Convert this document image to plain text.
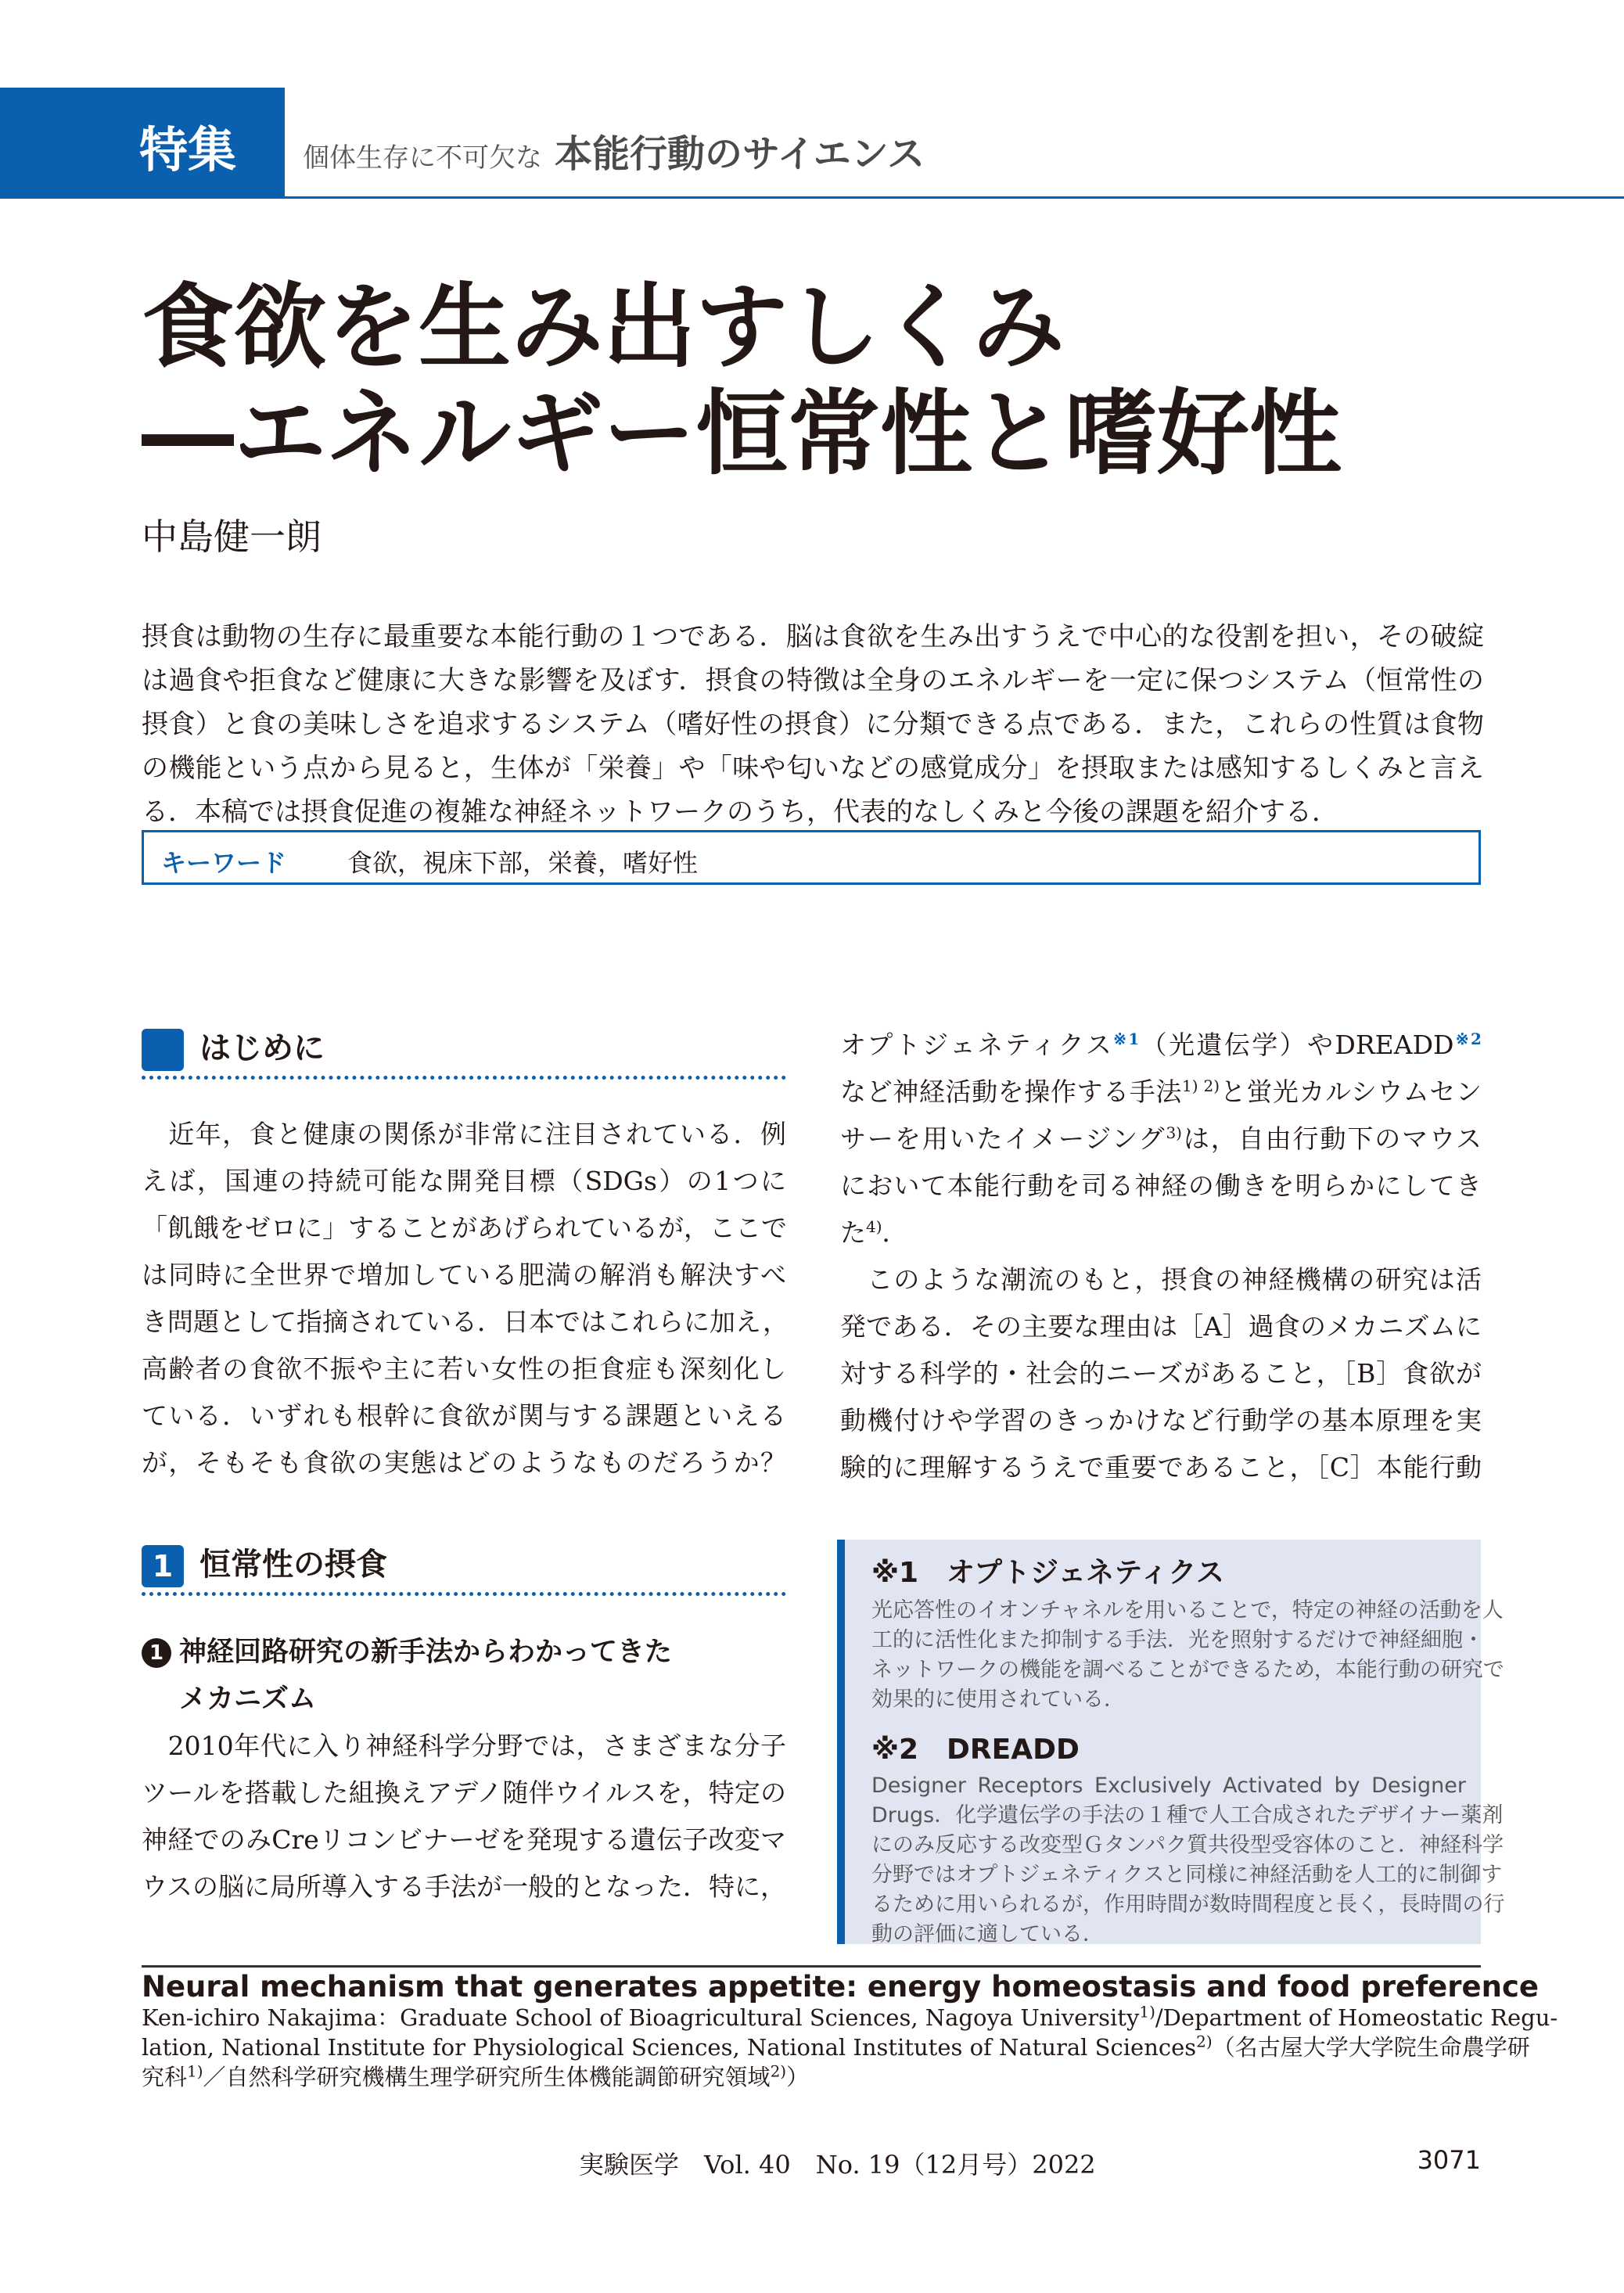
特集 個体生存に不可欠な 本能行動のサイエンス
食欲を生み出すしくみ
―エネルギー恒常性と嗜好性
中島健一朗
摂食は動物の生存に最重要な本能行動の１つである．脳は食欲を生み出すうえで中心的な役割を担い，その破綻
は過食や拒食など健康に大きな影響を及ぼす．摂食の特徴は全身のエネルギーを一定に保つシステム（恒常性の
摂食）と食の美味しさを追求するシステム（嗜好性の摂食）に分類できる点である．また，これらの性質は食物
の機能という点から見ると，生体が「栄養」や「味や匂いなどの感覚成分」を摂取または感知するしくみと言え
る．本稿では摂食促進の複雑な神経ネットワークのうち，代表的なしくみと今後の課題を紹介する．
キーワード 食欲，視床下部，栄養，嗜好性
はじめに
　近年，食と健康の関係が非常に注目されている．例
えば，国連の持続可能な開発目標（SDGs）の1つに
「飢餓をゼロに」することがあげられているが，ここで
は同時に全世界で増加している肥満の解消も解決すべ
き問題として指摘されている．日本ではこれらに加え，
高齢者の食欲不振や主に若い女性の拒食症も深刻化し
ている．いずれも根幹に食欲が関与する課題といえる
が，そもそも食欲の実態はどのようなものだろうか？
1 恒常性の摂食
1 神経回路研究の新手法からわかってきた
メカニズム
　2010年代に入り神経科学分野では，さまざまな分子
ツールを搭載した組換えアデノ随伴ウイルスを，特定の
神経でのみCreリコンビナーゼを発現する遺伝子改変マ
ウスの脳に局所導入する手法が一般的となった．特に，
オプトジェネティクス$^{※1}$（光遺伝学）やDREADD$^{※2}$
など神経活動を操作する手法$^{1) 2)}$と蛍光カルシウムセン
サーを用いたイメージング$^{3)}$は，自由行動下のマウス
において本能行動を司る神経の働きを明らかにしてき
た$^{4)}$．
　このような潮流のもと，摂食の神経機構の研究は活
発である．その主要な理由は［A］過食のメカニズムに
対する科学的・社会的ニーズがあること，［B］食欲が
動機付けや学習のきっかけなど行動学の基本原理を実
験的に理解するうえで重要であること，［C］本能行動
※1　オプトジェネティクス
光応答性のイオンチャネルを用いることで，特定の神経の活動を人
工的に活性化また抑制する手法．光を照射するだけで神経細胞・
ネットワークの機能を調べることができるため，本能行動の研究で
効果的に使用されている．
※2　DREADD
Designer Receptors Exclusively Activated by Designer
Drugs．化学遺伝学の手法の１種で人工合成されたデザイナー薬剤
にのみ反応する改変型Ｇタンパク質共役型受容体のこと．神経科学
分野ではオプトジェネティクスと同様に神経活動を人工的に制御す
るために用いられるが，作用時間が数時間程度と長く，長時間の行
動の評価に適している．
Neural mechanism that generates appetite: energy homeostasis and food preference
Ken-ichiro Nakajima：Graduate School of Bioagricultural Sciences, Nagoya University$^{1)}$/Department of Homeostatic Regu-
lation, National Institute for Physiological Sciences, National Institutes of Natural Sciences$^{2)}$（名古屋大学大学院生命農学研
究科$^{1)}$／自然科学研究機構生理学研究所生体機能調節研究領域$^{2)}$）
実験医学　Vol. 40　No. 19（12月号）2022	3071
